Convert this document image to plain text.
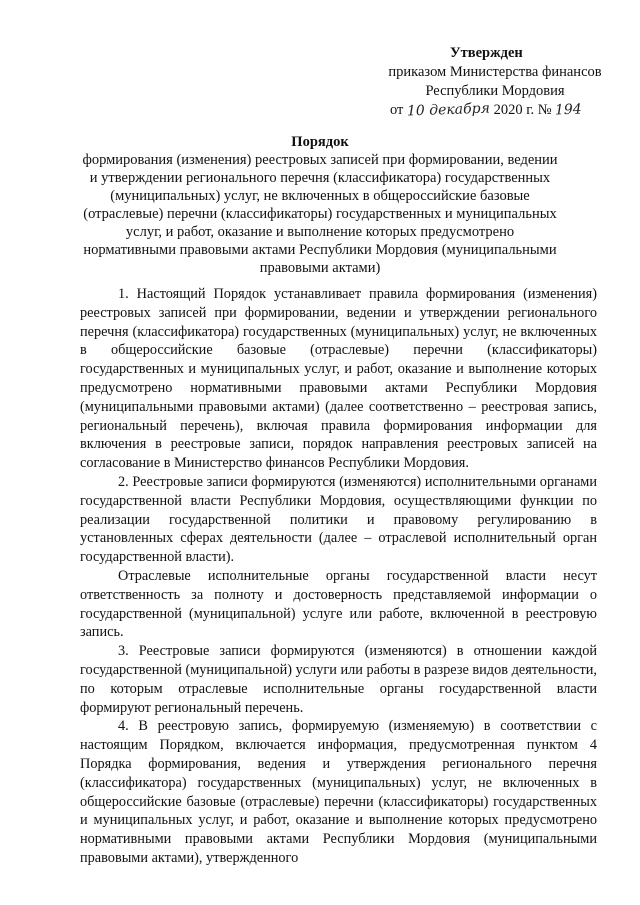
Утвержден
приказом Министерства финансов
Республики Мордовия
от 10 декабря 2020 г. № 194
Порядок
формирования (изменения) реестровых записей при формировании, ведении и утверждении регионального перечня (классификатора) государственных (муниципальных) услуг, не включенных в общероссийские базовые (отраслевые) перечни (классификаторы) государственных и муниципальных услуг, и работ, оказание и выполнение которых предусмотрено нормативными правовыми актами Республики Мордовия (муниципальными правовыми актами)

1. Настоящий Порядок устанавливает правила формирования (изменения) реестровых записей при формировании, ведении и утверждении регионального перечня (классификатора) государственных (муниципальных) услуг, не включенных в общероссийские базовые (отраслевые) перечни (классификаторы) государственных и муниципальных услуг, и работ, оказание и выполнение которых предусмотрено нормативными правовыми актами Республики Мордовия (муниципальными правовыми актами) (далее соответственно – реестровая запись, региональный перечень), включая правила формирования информации для включения в реестровые записи, порядок направления реестровых записей на согласование в Министерство финансов Республики Мордовия.

2. Реестровые записи формируются (изменяются) исполнительными органами государственной власти Республики Мордовия, осуществляющими функции по реализации государственной политики и правовому регулированию в установленных сферах деятельности (далее – отраслевой исполнительный орган государственной власти).

Отраслевые исполнительные органы государственной власти несут ответственность за полноту и достоверность представляемой информации о государственной (муниципальной) услуге или работе, включенной в реестровую запись.

3. Реестровые записи формируются (изменяются) в отношении каждой государственной (муниципальной) услуги или работы в разрезе видов деятельности, по которым отраслевые исполнительные органы государственной власти формируют региональный перечень.

4. В реестровую запись, формируемую (изменяемую) в соответствии с настоящим Порядком, включается информация, предусмотренная пунктом 4 Порядка формирования, ведения и утверждения регионального перечня (классификатора) государственных (муниципальных) услуг, не включенных в общероссийские базовые (отраслевые) перечни (классификаторы) государственных и муниципальных услуг, и работ, оказание и выполнение которых предусмотрено нормативными правовыми актами Республики Мордовия (муниципальными правовыми актами), утвержденного
